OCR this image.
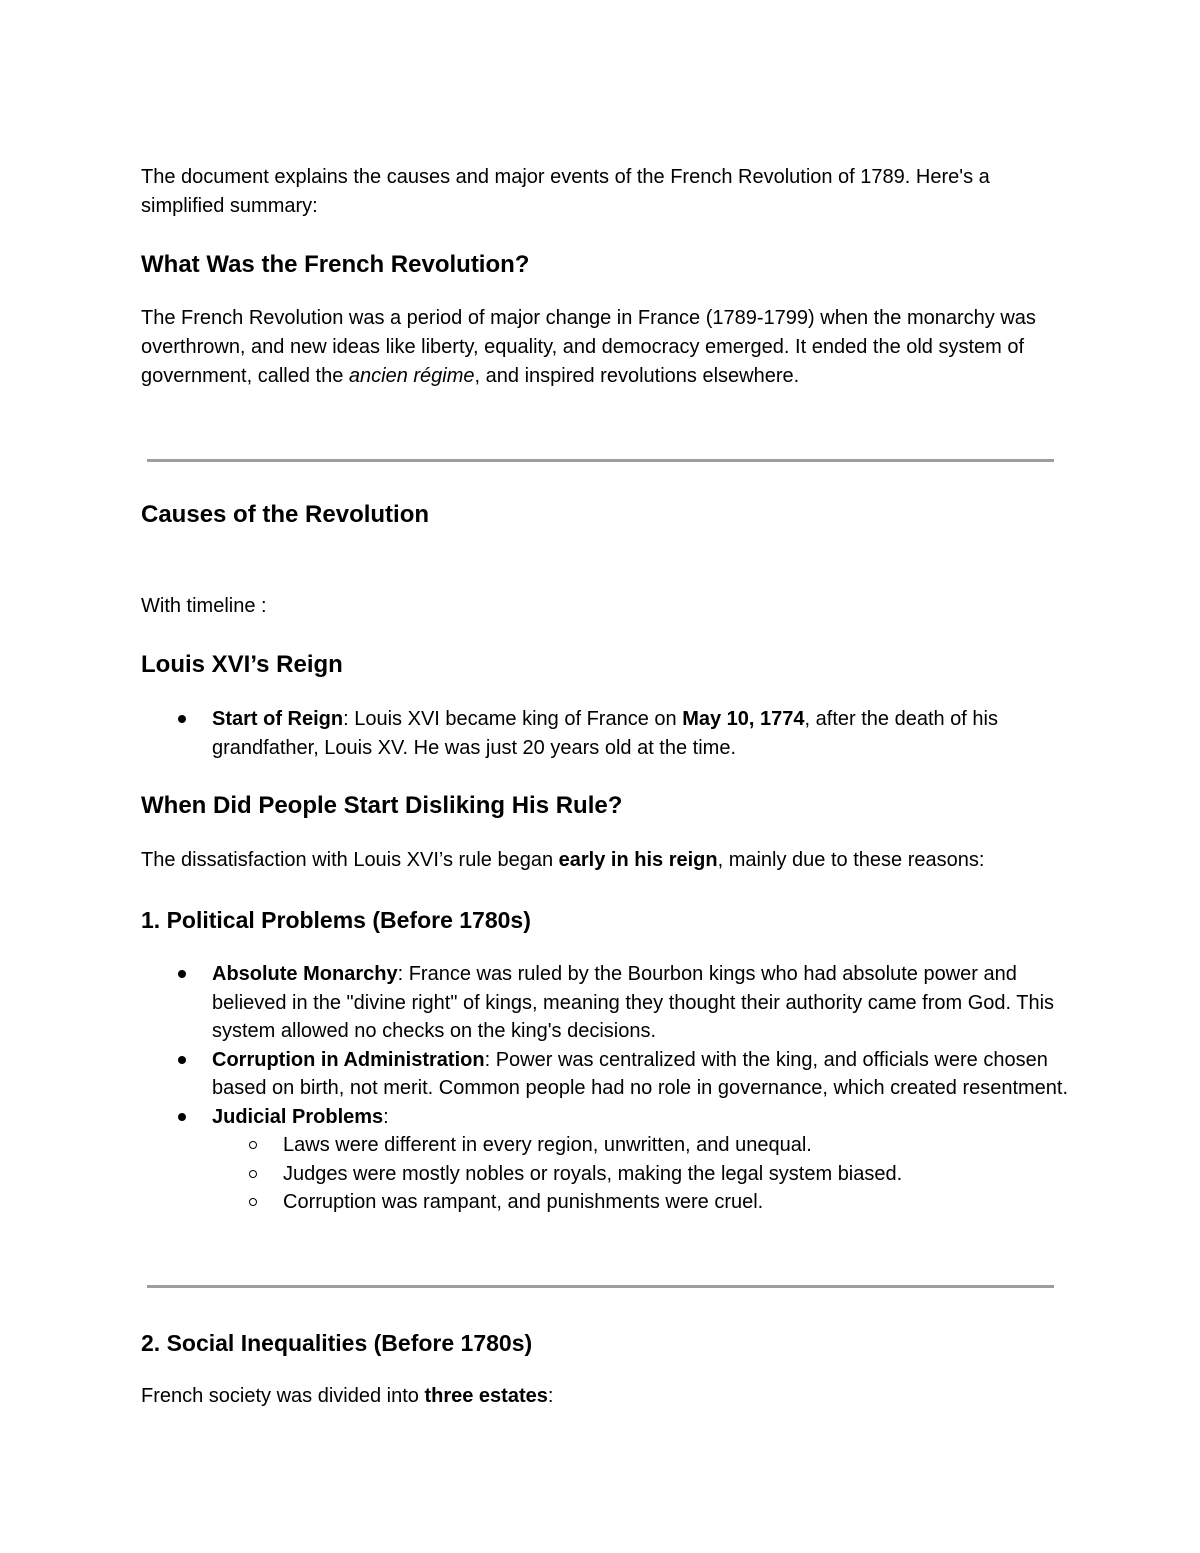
The document explains the causes and major events of the French Revolution of 1789. Here's a simplified summary:

What Was the French Revolution?

The French Revolution was a period of major change in France (1789-1799) when the monarchy was overthrown, and new ideas like liberty, equality, and democracy emerged. It ended the old system of government, called the ancien régime, and inspired revolutions elsewhere.

Causes of the Revolution

With timeline :

Louis XVI’s Reign
Start of Reign: Louis XVI became king of France on May 10, 1774, after the death of his grandfather, Louis XV. He was just 20 years old at the time.
When Did People Start Disliking His Rule?

The dissatisfaction with Louis XVI’s rule began early in his reign, mainly due to these reasons:

1. Political Problems (Before 1780s)
Absolute Monarchy: France was ruled by the Bourbon kings who had absolute power and believed in the "divine right" of kings, meaning they thought their authority came from God. This system allowed no checks on the king's decisions.
Corruption in Administration: Power was centralized with the king, and officials were chosen based on birth, not merit. Common people had no role in governance, which created resentment.
Judicial Problems:
Laws were different in every region, unwritten, and unequal.
Judges were mostly nobles or royals, making the legal system biased.
Corruption was rampant, and punishments were cruel.
2. Social Inequalities (Before 1780s)

French society was divided into three estates:
